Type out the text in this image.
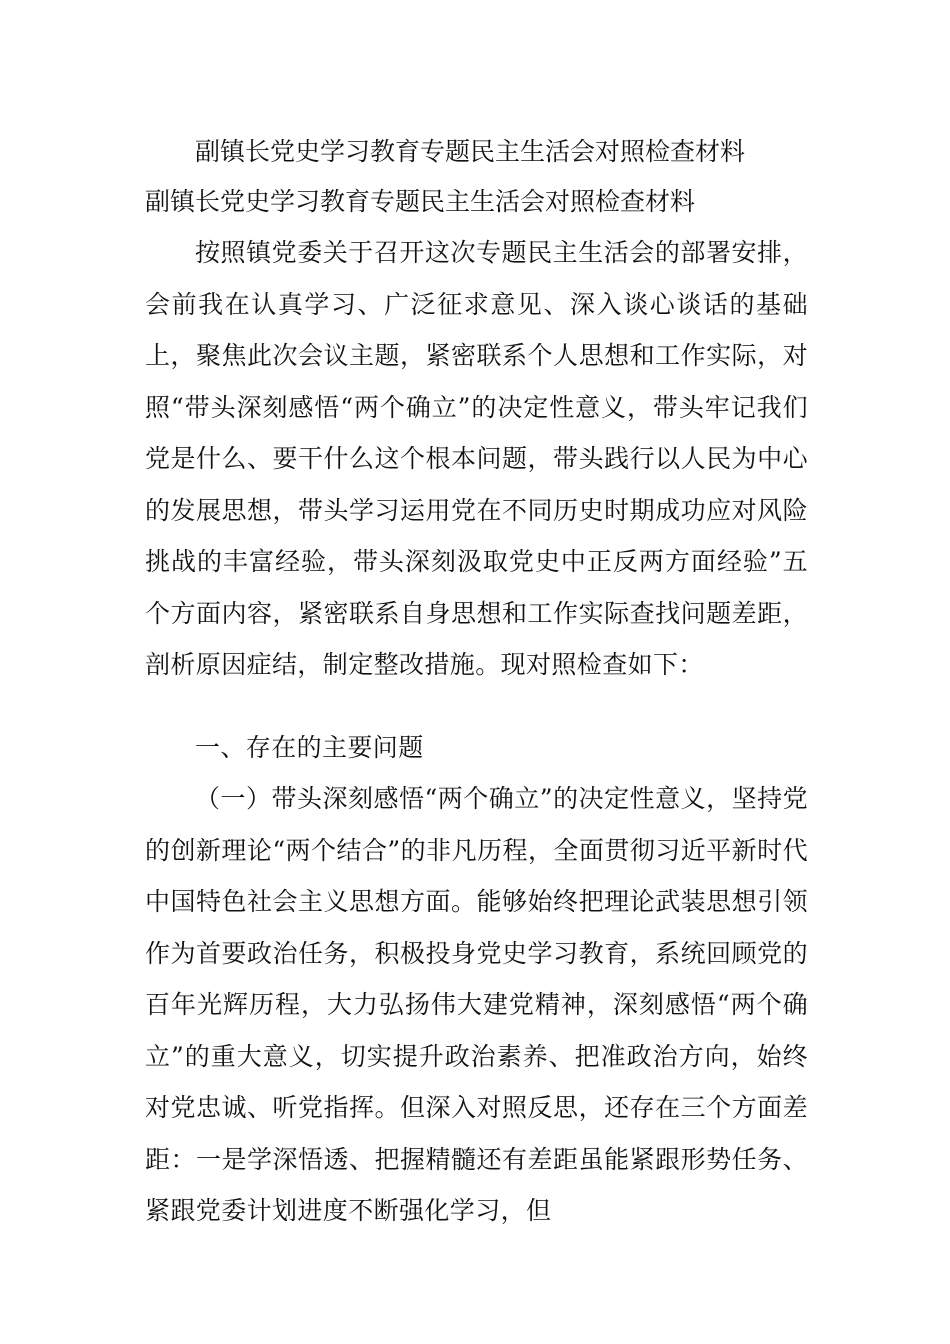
副镇长党史学习教育专题民主生活会对照检查材料
副镇长党史学习教育专题民主生活会对照检查材料

按照镇党委关于召开这次专题民主生活会的部署安排，会前我在认真学习、广泛征求意见、深入谈心谈话的基础上，聚焦此次会议主题，紧密联系个人思想和工作实际，对照“带头深刻感悟“两个确立”的决定性意义，带头牢记我们党是什么、要干什么这个根本问题，带头践行以人民为中心的发展思想，带头学习运用党在不同历史时期成功应对风险挑战的丰富经验，带头深刻汲取党史中正反两方面经验”五个方面内容，紧密联系自身思想和工作实际查找问题差距，剖析原因症结，制定整改措施。现对照检查如下：

一、存在的主要问题

（一）带头深刻感悟“两个确立”的决定性意义，坚持党的创新理论“两个结合”的非凡历程，全面贯彻习近平新时代中国特色社会主义思想方面。能够始终把理论武装思想引领作为首要政治任务，积极投身党史学习教育，系统回顾党的百年光辉历程，大力弘扬伟大建党精神，深刻感悟“两个确立”的重大意义，切实提升政治素养、把准政治方向，始终对党忠诚、听党指挥。但深入对照反思，还存在三个方面差距：一是学深悟透、把握精髓还有差距虽能紧跟形势任务、紧跟党委计划进度不断强化学习，但
